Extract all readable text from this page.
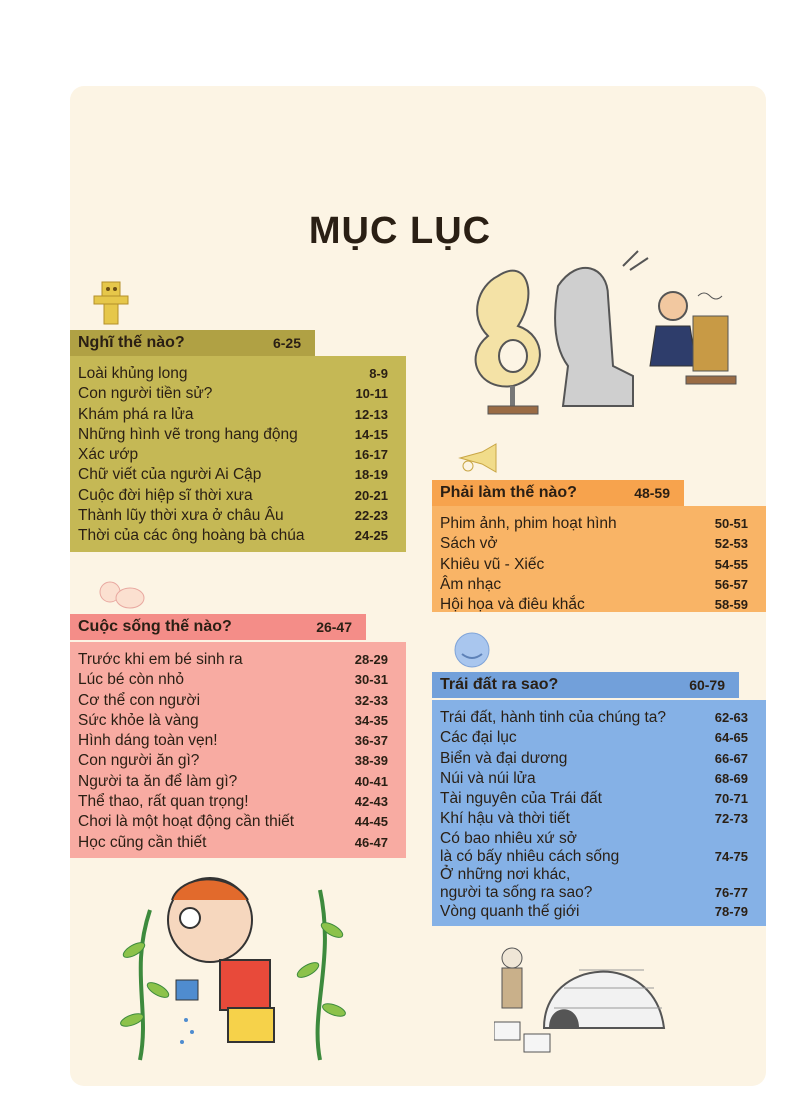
MỤC LỤC
Nghĩ thế nào?	6-25
Loài khủng long	8-9
Con người tiền sử?	10-11
Khám phá ra lửa	12-13
Những hình vẽ trong hang động	14-15
Xác ướp	16-17
Chữ viết của người Ai Cập	18-19
Cuộc đời hiệp sĩ thời xưa	20-21
Thành lũy thời xưa ở châu Âu	22-23
Thời của các ông hoàng bà chúa	24-25
Phải làm thế nào?	48-59
Phim ảnh, phim hoạt hình	50-51
Sách vở	52-53
Khiêu vũ - Xiếc	54-55
Âm nhạc	56-57
Hội họa và điêu khắc	58-59
Cuộc sống thế nào?	26-47
Trước khi em bé sinh ra	28-29
Lúc bé còn nhỏ	30-31
Cơ thể con người	32-33
Sức khỏe là vàng	34-35
Hình dáng toàn vẹn!	36-37
Con người ăn gì?	38-39
Người ta ăn để làm gì?	40-41
Thể thao, rất quan trọng!	42-43
Chơi là một hoạt động cần thiết	44-45
Học cũng cần thiết	46-47
Trái đất ra sao?	60-79
Trái đất, hành tinh của chúng ta?	62-63
Các đại lục	64-65
Biển và đại dương	66-67
Núi và núi lửa	68-69
Tài nguyên của Trái đất	70-71
Khí hậu và thời tiết	72-73
Có bao nhiêu xứ sở
là có bấy nhiêu cách sống	74-75
Ở những nơi khác,
người ta sống ra sao?	76-77
Vòng quanh thế giới	78-79
